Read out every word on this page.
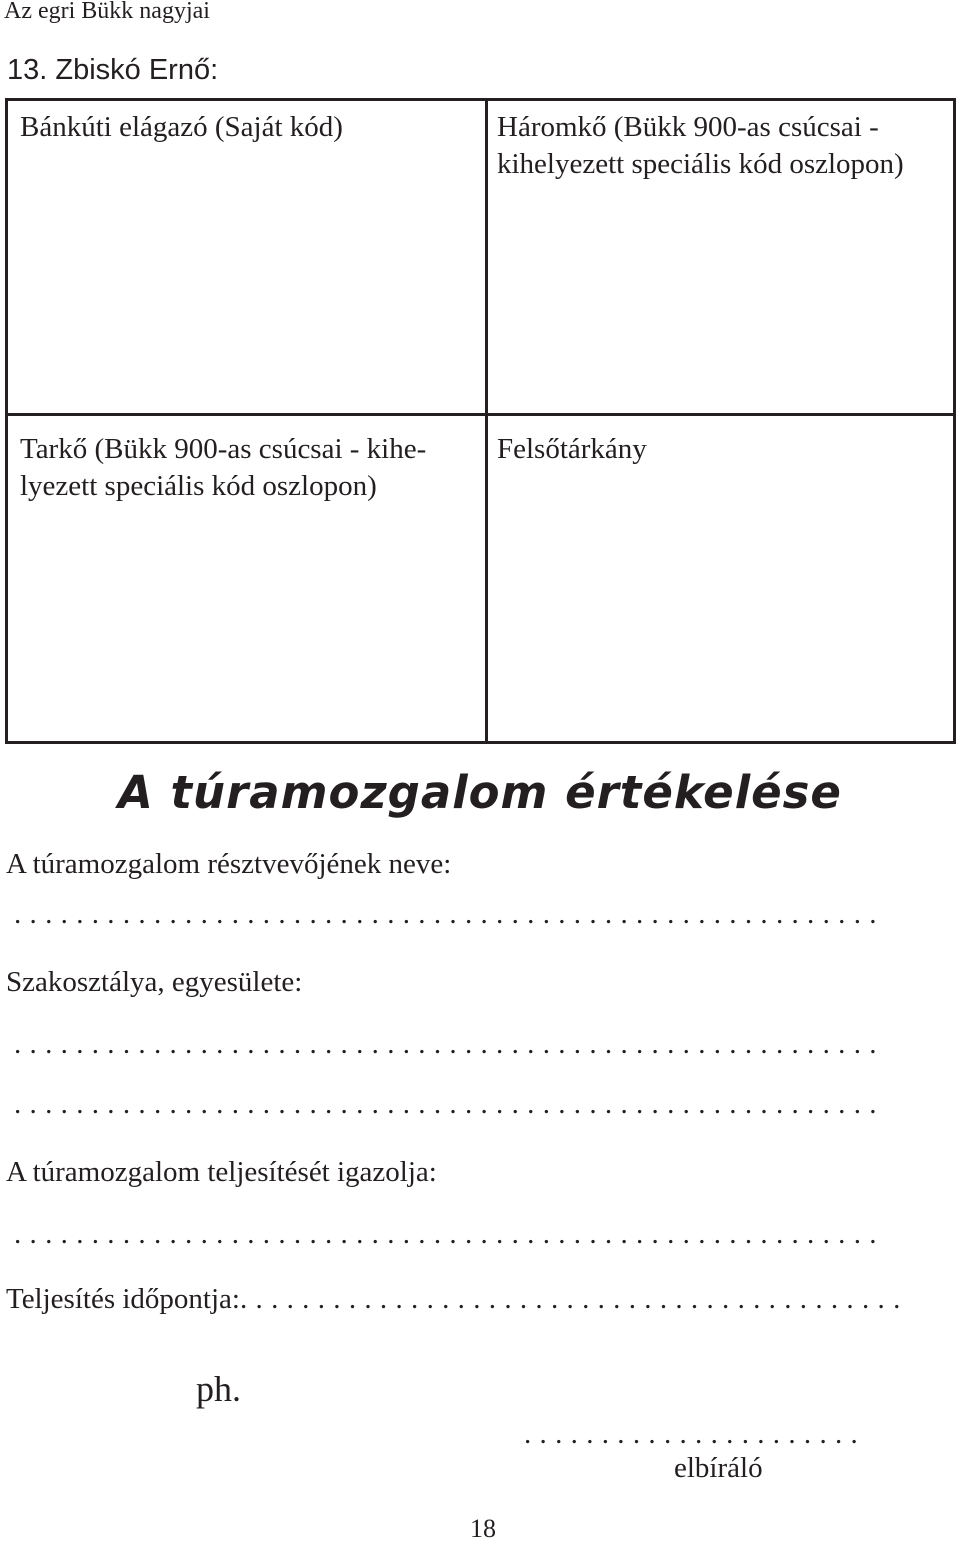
Az egri Bükk nagyjai
13. Zbiskó Ernő:
Bánkúti elágazó (Saját kód)	Háromkő (Bükk 900-as csúcsai - kihelyezett speciális kód oszlopon)
Tarkő (Bükk 900-as csúcsai - kihe-lyezett speciális kód oszlopon)
Felsőtárkány
A túramozgalom értékelése
A túramozgalom résztvevőjének neve:
........................................................
Szakosztálya, egyesülete:
........................................................
........................................................
A túramozgalom teljesítését igazolja:
........................................................
Teljesítés időpontja:...........................................
ph.
......................
elbíráló
18
